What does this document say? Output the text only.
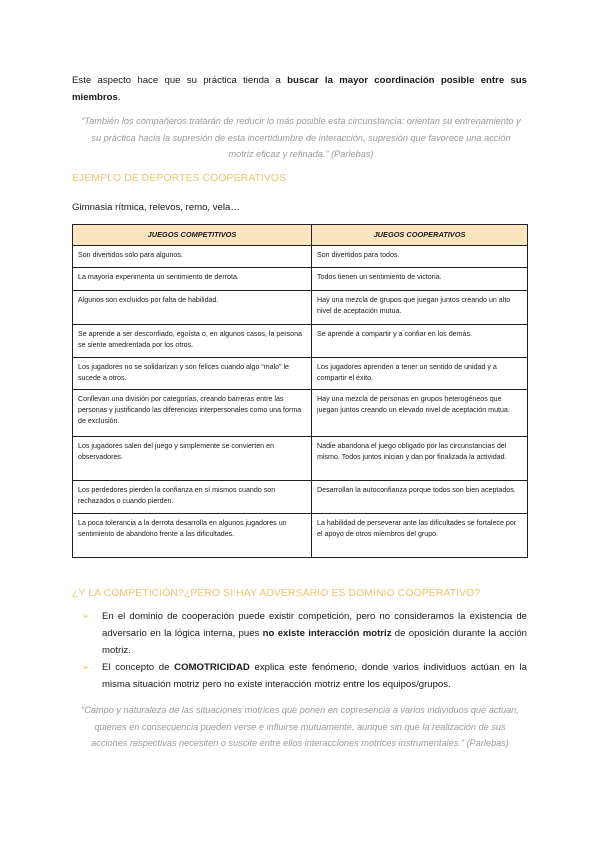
Este aspecto hace que su práctica tienda a buscar la mayor coordinación posible entre sus miembros.

“También los compañeros tratarán de reducir lo más posible esta circunstancia: orientan su entrenamiento y su práctica hacia la supresión de esta incertidumbre de interacción, supresión que favorece una acción motriz eficaz y refinada.” (Parlebas)

EJEMPLO DE DEPORTES COOPERATIVOS
Gimnasia rítmica, relevos, remo, vela…
JUEGOS COMPETITIVOS	JUEGOS COOPERATIVOS
Son divertidos sólo para algunos.	Son divertidos para todos.
La mayoría experimenta un sentimiento de derrota.	Todos tienen un sentimiento de victoria.
Algunos son excluidos por falta de habilidad.	Hay una mezcla de grupos que juegan juntos creando un alto nivel de aceptación mutua.
Se aprende a ser desconfiado, egoísta o, en algunos casos, la persona se siente amedrentada por los otros.	Se aprende a compartir y a confiar en los demás.
Los jugadores no se solidarizan y son felices cuando algo “malo” le sucede a otros.	Los jugadores aprenden a tener un sentido de unidad y a compartir el éxito.
Conllevan una división por categorías, creando barreras entre las personas y justificando las diferencias interpersonales como una forma de exclusión.	Hay una mezcla de personas en grupos heterogéneos que juegan juntos creando un elevado nivel de aceptación mutua.
Los jugadores salen del juego y simplemente se convierten en observadores.	Nadie abandona el juego obligado por las circunstancias del mismo. Todos juntos inician y dan por finalizada la actividad.
Los perdedores pierden la confianza en sí mismos cuando son rechazados o cuando pierden.	Desarrollan la autoconfianza porque todos son bien aceptados.
La poca tolerancia a la derrota desarrolla en algunos jugadores un sentimiento de abandono frente a las dificultades.	La habilidad de perseverar ante las dificultades se fortalece por el apoyo de otros miembros del grupo.
¿Y LA COMPETICIÓN?¿PERO SI HAY ADVERSARIO ES DOMINIO COOPERATIVO?
➢ En el dominio de cooperación puede existir competición, pero no consideramos la existencia de adversario en la lógica interna, pues no existe interacción motriz de oposición durante la acción motriz.
➢ El concepto de COMOTRICIDAD explica este fenómeno, donde varios individuos actúan en la misma situación motriz pero no existe interacción motriz entre los equipos/grupos.

“Campo y naturaleza de las situaciones motrices que ponen en copresencia a varios individuos que actúan, quienes en consecuencia pueden verse e influirse mutuamente, aunque sin que la realización de sus acciones respectivas necesiten o suscite entre ellos interacciones motrices instrumentales.” (Parlebas)
